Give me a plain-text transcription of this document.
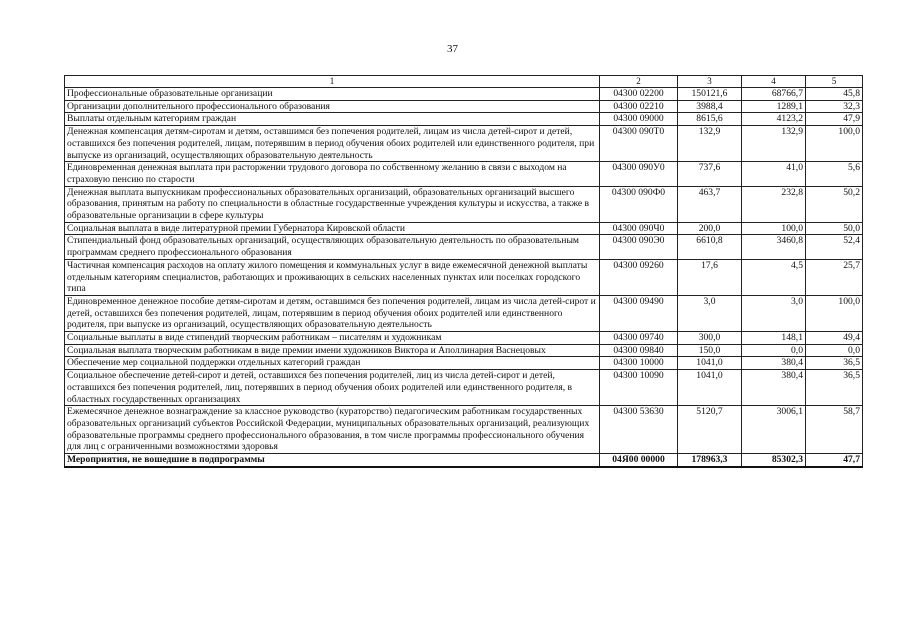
37
1	2	3	4	5
Профессиональные образовательные организации	04300 02200	150121,6	68766,7	45,8
Организации дополнительного профессионального образования	04300 02210	3988,4	1289,1	32,3
Выплаты отдельным категориям граждан	04300 09000	8615,6	4123,2	47,9
Денежная компенсация детям-сиротам и детям, оставшимся без попечения родителей, лицам из числа детей-сирот и детей, оставшихся без попечения родителей, лицам, потерявшим в период обучения обоих родителей или единственного родителя, при выпуске из организаций, осуществляющих образовательную деятельность	04300 090Т0	132,9	132,9	100,0
Единовременная денежная выплата при расторжении трудового договора по собственному желанию в связи с выходом на страховую пенсию по старости	04300 090У0	737,6	41,0	5,6
Денежная выплата выпускникам профессиональных образовательных организаций, образовательных организаций высшего образования, принятым на работу по специальности в областные государственные учреждения культуры и искусства, а также в образовательные организации в сфере культуры	04300 090Ф0	463,7	232,8	50,2
Социальная выплата в виде литературной премии Губернатора Кировской области	04300 090Ч0	200,0	100,0	50,0
Стипендиальный фонд образовательных организаций, осуществляющих образовательную деятельность по образовательным программам среднего профессионального образования	04300 090Э0	6610,8	3460,8	52,4
Частичная компенсация расходов на оплату жилого помещения и коммунальных услуг в виде ежемесячной денежной выплаты отдельным категориям специалистов, работающих и проживающих в сельских населенных пунктах или поселках городского типа	04300 09260	17,6	4,5	25,7
Единовременное денежное пособие детям-сиротам и детям, оставшимся без попечения родителей, лицам из числа детей-сирот и детей, оставшихся без попечения родителей, лицам, потерявшим в период обучения обоих родителей или единственного родителя, при выпуске из организаций, осуществляющих образовательную деятельность	04300 09490	3,0	3,0	100,0
Социальные выплаты в виде стипендий творческим работникам – писателям и художникам	04300 09740	300,0	148,1	49,4
Социальная выплата творческим работникам в виде премии имени художников Виктора и Аполлинария Васнецовых	04300 09840	150,0	0,0	0,0
Обеспечение мер социальной поддержки отдельных категорий граждан	04300 10000	1041,0	380,4	36,5
Социальное обеспечение детей-сирот и детей, оставшихся без попечения родителей, лиц из числа детей-сирот и детей, оставшихся без попечения родителей, лиц, потерявших в период обучения обоих родителей или единственного родителя, в областных государственных организациях	04300 10090	1041,0	380,4	36,5
Ежемесячное денежное вознаграждение за классное руководство (кураторство) педагогическим работникам государственных образовательных организаций субъектов Российской Федерации, муниципальных образовательных организаций, реализующих образовательные программы среднего профессионального образования, в том числе программы профессионального обучения для лиц с ограниченными возможностями здоровья	04300 53630	5120,7	3006,1	58,7
Мероприятия, не вошедшие в подпрограммы	04Я00 00000	178963,3	85302,3	47,7
